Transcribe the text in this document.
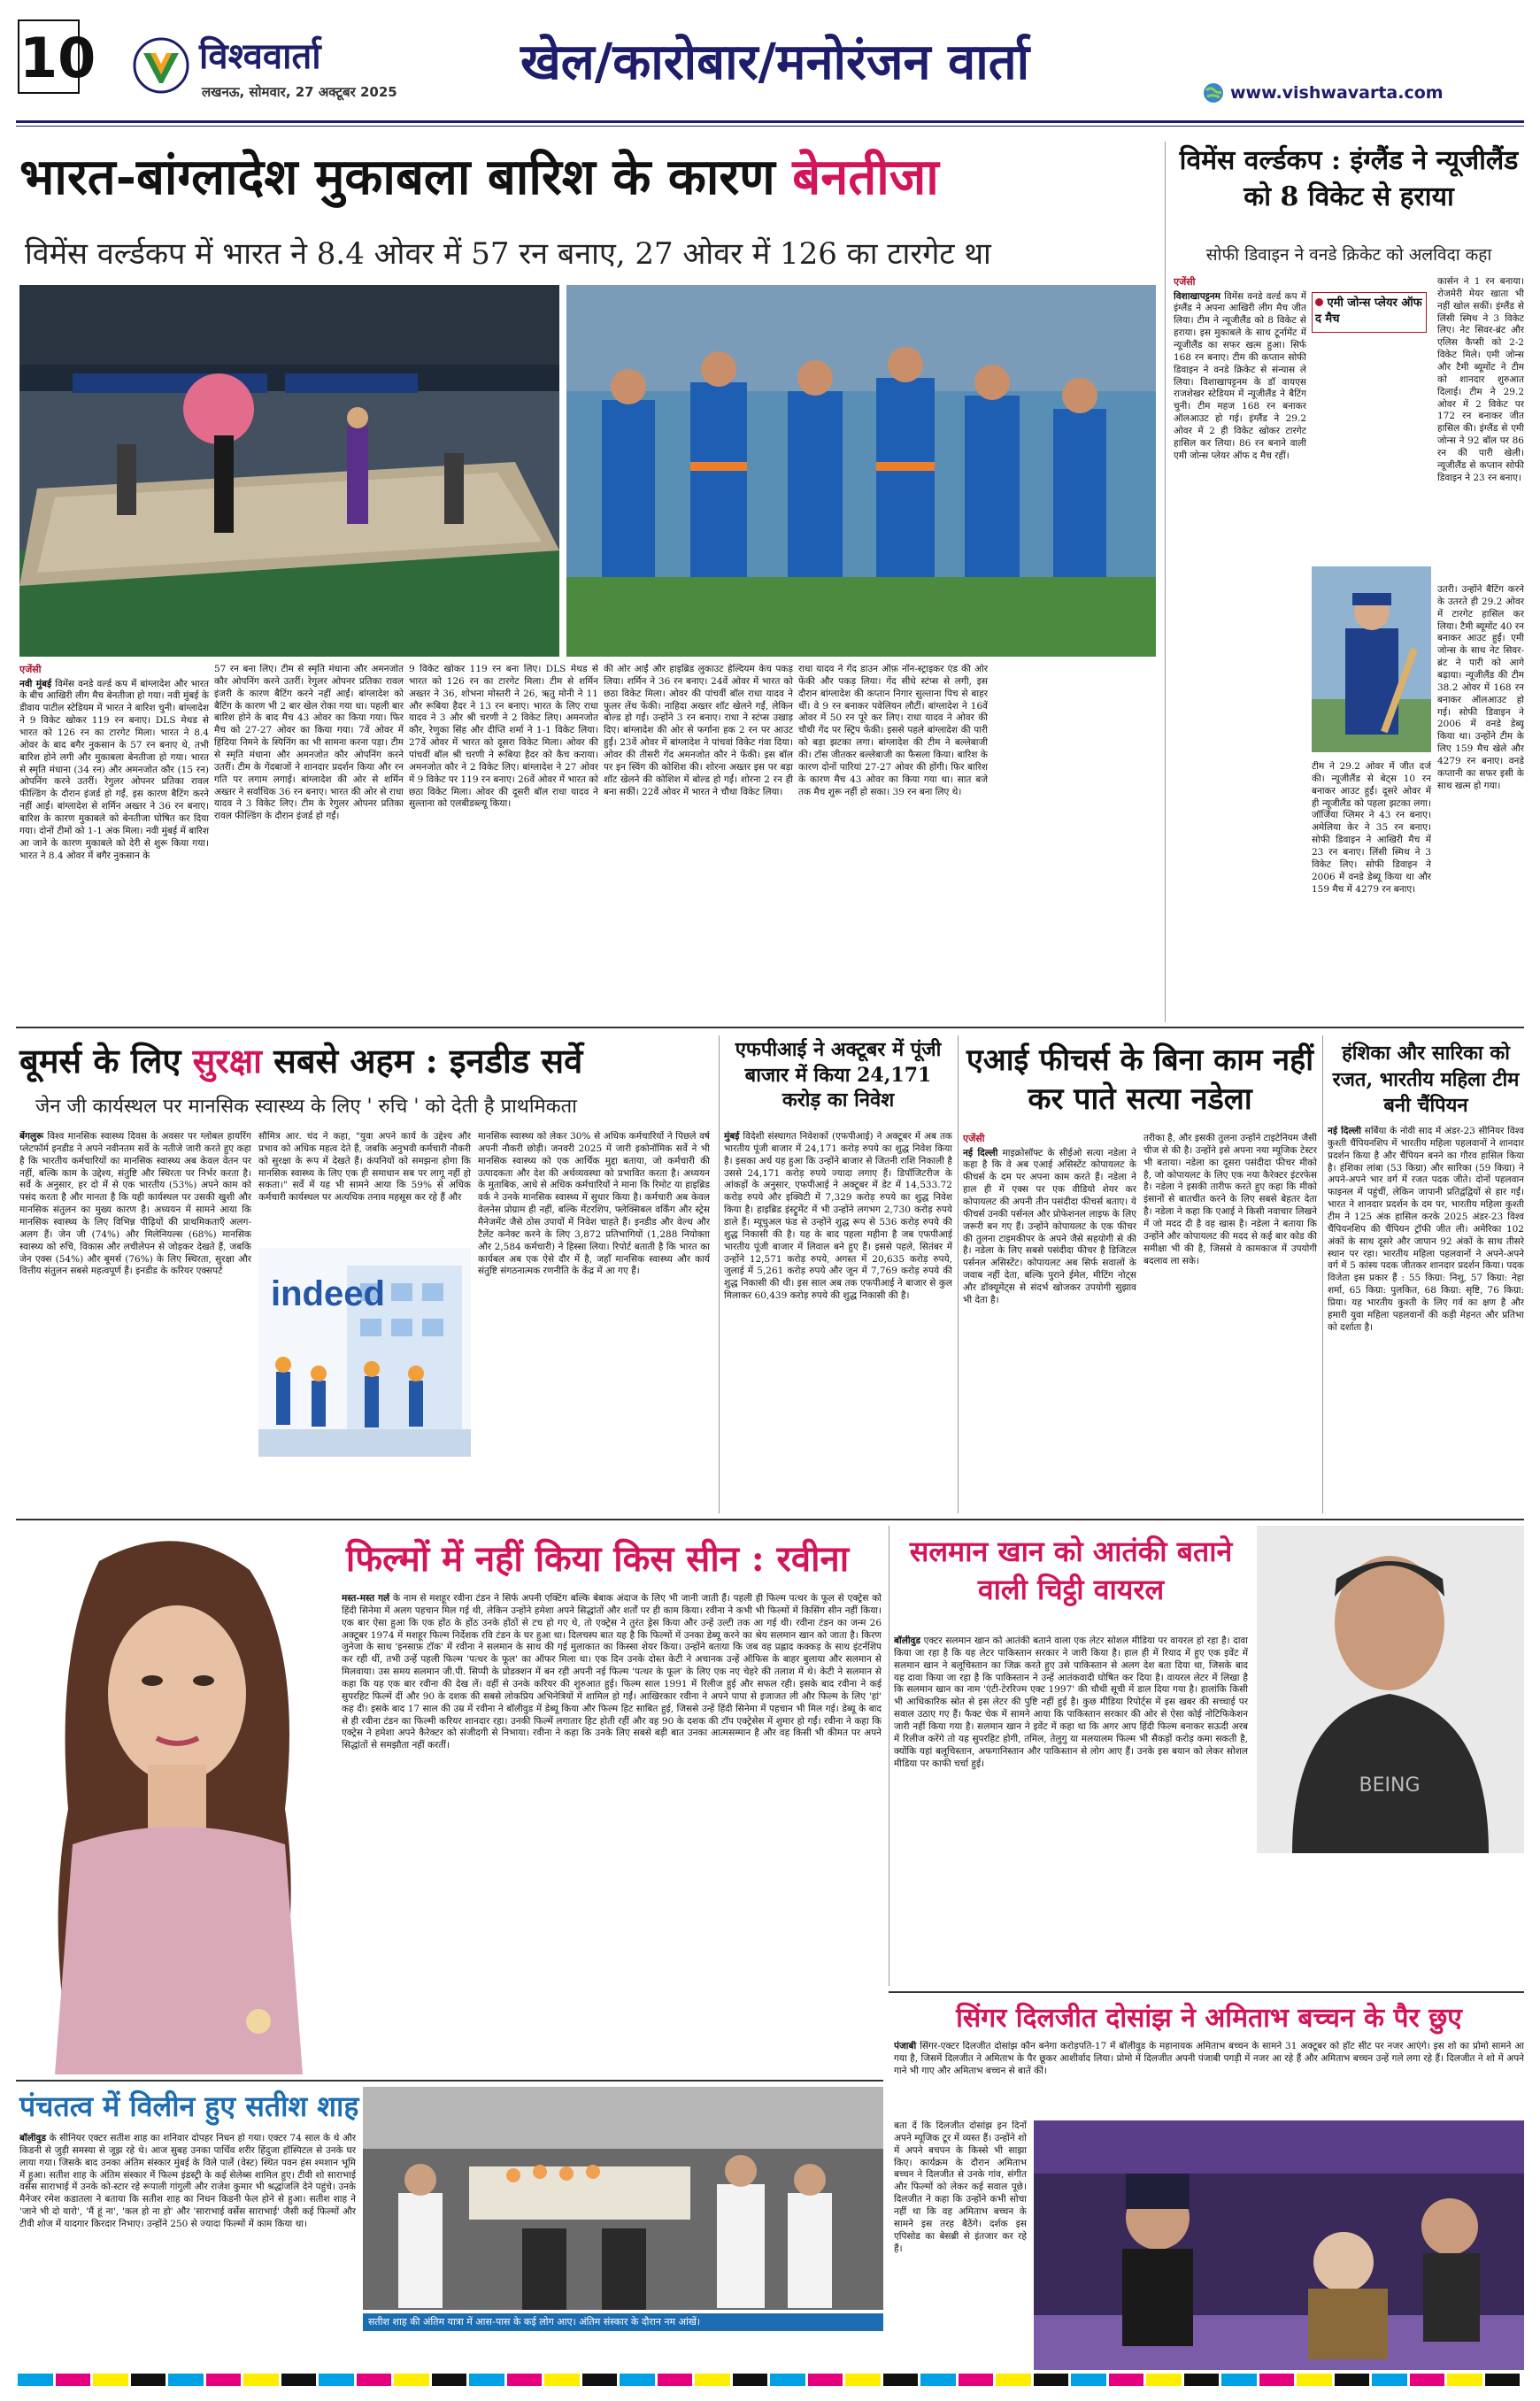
10	विश्ववार्ता
लखनऊ, सोमवार, 27 अक्टूबर 2025
खेल/कारोबार/मनोरंजन वार्ता
www.vishwavarta.com
भारत-बांग्लादेश मुकाबला बारिश के कारण बेनतीजा
विमेंस वर्ल्डकप में भारत ने 8.4 ओवर में 57 रन बनाए, 27 ओवर में 126 का टारगेट था
एजेंसी
नवी मुंबई विमेंस वनडे वर्ल्ड कप में बांग्लादेश और भारत के बीच आखिरी लीग मैच बेनतीजा हो गया। नवी मुंबई के डीवाय पाटील स्टेडियम में भारत ने बारिश चुनी। बांग्लादेश ने 9 विकेट खोकर 119 रन बनाए। DLS मेथड से भारत को 126 रन का टारगेट मिला। भारत ने 8.4 ओवर के बाद बगैर नुकसान के 57 रन बनाए थे, तभी बारिश होने लगी और मुकाबला बेनतीजा हो गया। भारत से स्मृति मंधाना (34 रन) और अमनजोत कौर (15 रन) ओपनिंग करने उतरीं। रेगुलर ओपनर प्रतिका रावल फील्डिंग के दौरान इंजर्ड हो गईं, इस कारण बैटिंग करने नहीं आईं। बांग्लादेश से शर्मिन अख्तर ने 36 रन बनाए। बारिश के कारण मुकाबले को बेनतीजा घोषित कर दिया गया। दोनों टीमों को 1-1 अंक मिला। नवी मुंबई में बारिश आ जाने के कारण मुकाबले को देरी से शुरू किया गया। भारत ने 8.4 ओवर में बगैर नुकसान के
57 रन बना लिए। टीम से स्मृति मंधाना और अमनजोत कौर ओपनिंग करने उतरीं। रेगुलर ओपनर प्रतिका रावल इंजरी के कारण बैटिंग करने नहीं आईं। बांग्लादेश को बैटिंग के कारण भी 2 बार खेल रोका गया था। पहली बार बारिश होने के बाद मैच 43 ओवर का किया गया। फिर मैच को 27-27 ओवर का किया गया। 7वें ओवर में हिंदिया निमने के स्पिनिंग का भी सामना करना पड़ा। टीम से स्मृति मंधाना और अमनजोत कौर ओपनिंग करने उतरीं। टीम के गेंदबाजों ने शानदार प्रदर्शन किया और रन गति पर लगाम लगाई। बांग्लादेश की ओर से शर्मिन अख्तर ने सर्वाधिक 36 रन बनाए। भारत की ओर से राधा यादव ने 3 विकेट लिए। टीम के रेगुलर ओपनर प्रतिका रावल फील्डिंग के दौरान इंजर्ड हो गईं।
9 विकेट खोकर 119 रन बना लिए। DLS मेथड से भारत को 126 रन का टारगेट मिला। टीम से शर्मिन अख्तर ने 36, शोभना मोस्तरी ने 26, ऋतु मोनी ने 11 और रूबिया हैदर ने 13 रन बनाए। भारत के लिए राधा यादव ने 3 और श्री चरणी ने 2 विकेट लिए। अमनजोत कौर, रेणुका सिंह और दीप्ति शर्मा ने 1-1 विकेट लिया। 27वें ओवर में भारत को दूसरा विकेट मिला। ओवर की पांचवीं बॉल श्री चरणी ने रूबिया हैदर को कैच कराया। अमनजोत कौर ने 2 विकेट लिए। बांग्लादेश ने 27 ओवर में 9 विकेट पर 119 रन बनाए। 26वें ओवर में भारत को छठा विकेट मिला। ओवर की दूसरी बॉल राधा यादव ने सुल्ताना को एलबीडब्ल्यू किया।
की ओर आईं और हाइब्रिड लुकाउट हेल्दियम केच पकड़ लिया। शर्मिन ने 36 रन बनाए। 24वें ओवर में भारत को छठा विकेट मिला। ओवर की पांचवीं बॉल राधा यादव ने फुलर लेंथ फेंकी। नाहिदा अख्तर शॉट खेलने गईं, लेकिन बोल्ड हो गईं। उन्होंने 3 रन बनाए। राधा ने स्टंप्स उखाड़ दिए। बांग्लादेश की ओर से फर्गाना हक 2 रन पर आउट हुईं। 23वें ओवर में बांग्लादेश ने पांचवां विकेट गंवा दिया। ओवर की तीसरी गेंद अमनजोत कौर ने फेंकी। इस बॉल पर इन स्विंग की कोशिश की। शोरना अख्तर इस पर बड़ा शॉट खेलने की कोशिश में बोल्ड हो गईं। शोरना 2 रन ही बना सकीं। 22वें ओवर में भारत ने चौथा विकेट लिया।
राधा यादव ने गेंद डाउन ऑफ़ नॉन-स्ट्राइकर एंड की ओर फेंकी और पकड़ लिया। गेंद सीधे स्टंप्स से लगी, इस दौरान बांग्लादेश की कप्तान निगार सुल्ताना पिच से बाहर थीं। वे 9 रन बनाकर पवेलियन लौटीं। बांग्लादेश ने 16वें ओवर में 50 रन पूरे कर लिए। राधा यादव ने ओवर की चौथी गेंद पर स्ट्रिप फेंकी। इससे पहले बांग्लादेश की पारी को बड़ा झटका लगा। बांग्लादेश की टीम ने बल्लेबाजी की। टॉस जीतकर बल्लेबाजी का फैसला किया। बारिश के कारण दोनों पारियां 27-27 ओवर की होंगी। फिर बारिश के कारण मैच 43 ओवर का किया गया था। सात बजे तक मैच शुरू नहीं हो सका। 39 रन बना लिए थे।
विमेंस वर्ल्डकप : इंग्लैंड ने न्यूजीलैंड को 8 विकेट से हराया
सोफी डिवाइन ने वनडे क्रिकेट को अलविदा कहा
एजेंसी
विशाखापट्टनम विमेंस वनडे वर्ल्ड कप में इंग्लैंड ने अपना आखिरी लीग मैच जीत लिया। टीम ने न्यूजीलैंड को 8 विकेट से हराया। इस मुकाबले के साथ टूर्नामेंट में न्यूजीलैंड का सफर खत्म हुआ। सिर्फ 168 रन बनाए। टीम की कप्तान सोफी डिवाइन ने वनडे क्रिकेट से संन्यास ले लिया। विशाखापट्टनम के डॉ वायएस राजशेखर स्टेडियम में न्यूजीलैंड ने बैटिंग चुनी। टीम महज 168 रन बनाकर ऑलआउट हो गई। इंग्लैंड ने 29.2 ओवर में 2 ही विकेट खोकर टारगेट हासिल कर लिया। 86 रन बनाने वाली एमी जोन्स प्लेयर ऑफ द मैच रहीं।
एमी जोन्स प्लेयर ऑफ द मैच
कार्सन ने 1 रन बनाया। रोजमेरी मेयर खाता भी नहीं खोल सकीं। इंग्लैंड से लिंसी स्मिथ ने 3 विकेट लिए। नेट सिवर-ब्रंट और एलिस कैप्सी को 2-2 विकेट मिले। एमी जोन्स और टैमी ब्यूमोंट ने टीम को शानदार शुरुआत दिलाई। टीम ने 29.2 ओवर में 2 विकेट पर 172 रन बनाकर जीत हासिल की। इंग्लैंड से एमी जोन्स ने 92 बॉल पर 86 रन की पारी खेली। न्यूजीलैंड से कप्तान सोफी डिवाइन ने 23 रन बनाए।
उतरी। उन्होंने बैटिंग करने के उतरते ही 29.2 ओवर में टारगेट हासिल कर लिया। टैमी ब्यूमोंट 40 रन बनाकर आउट हुईं। एमी जोन्स के साथ नेट सिवर-ब्रंट ने पारी को आगे बढ़ाया। न्यूजीलैंड की टीम 38.2 ओवर में 168 रन बनाकर ऑलआउट हो गई। सोफी डिवाइन ने 2006 में वनडे डेब्यू किया था। उन्होंने टीम के लिए 159 मैच खेले और 4279 रन बनाए। वनडे कप्तानी का सफर इसी के साथ खत्म हो गया।
टीम ने 29.2 ओवर में जीत दर्ज की। न्यूजीलैंड से बेट्स 10 रन बनाकर आउट हुईं। दूसरे ओवर में ही न्यूजीलैंड को पहला झटका लगा। जॉर्जिया प्लिमर ने 43 रन बनाए। अमेलिया केर ने 35 रन बनाए। सोफी डिवाइन ने आखिरी मैच में 23 रन बनाए। लिंसी स्मिथ ने 3 विकेट लिए। सोफी डिवाइन ने 2006 में वनडे डेब्यू किया था और 159 मैच में 4279 रन बनाए।
बूमर्स के लिए सुरक्षा सबसे अहम : इनडीड सर्वे
जेन जी कार्यस्थल पर मानसिक स्वास्थ्य के लिए ' रुचि ' को देती है प्राथमिकता
बेंगलुरू विश्व मानसिक स्वास्थ्य दिवस के अवसर पर ग्लोबल हायरिंग प्लेटफॉर्म इनडीड ने अपने नवीनतम सर्वे के नतीजे जारी करते हुए कहा है कि भारतीय कर्मचारियों का मानसिक स्वास्थ्य अब केवल वेतन पर नहीं, बल्कि काम के उद्देश्य, संतुष्टि और स्थिरता पर निर्भर करता है। सर्वे के अनुसार, हर दो में से एक भारतीय (53%) अपने काम को पसंद करता है और मानता है कि यही कार्यस्थल पर उसकी खुशी और मानसिक संतुलन का मुख्य कारण है। अध्ययन में सामने आया कि मानसिक स्वास्थ्य के लिए विभिन्न पीढ़ियों की प्राथमिकताएँ अलग-अलग हैं। जेन जी (74%) और मिलेनियल्स (68%) मानसिक स्वास्थ्य को रुचि, विकास और लचीलेपन से जोड़कर देखते हैं, जबकि जेन एक्स (54%) और बूमर्स (76%) के लिए स्थिरता, सुरक्षा और वित्तीय संतुलन सबसे महत्वपूर्ण हैं। इनडीड के करियर एक्सपर्ट
सौमित्र आर. चंद ने कहा, "युवा अपने कार्य के उद्देश्य और प्रभाव को अधिक महत्व देते हैं, जबकि अनुभवी कर्मचारी नौकरी को सुरक्षा के रूप में देखते हैं। कंपनियों को समझना होगा कि मानसिक स्वास्थ्य के लिए एक ही समाधान सब पर लागू नहीं हो सकता।" सर्वे में यह भी सामने आया कि 59% से अधिक कर्मचारी कार्यस्थल पर अत्यधिक तनाव महसूस कर रहे हैं और
indeed
मानसिक स्वास्थ्य को लेकर 30% से अधिक कर्मचारियों ने पिछले वर्ष अपनी नौकरी छोड़ी। जनवरी 2025 में जारी इकोनॉमिक सर्वे ने भी मानसिक स्वास्थ्य को एक आर्थिक मुद्दा बताया, जो कर्मचारी की उत्पादकता और देश की अर्थव्यवस्था को प्रभावित करता है। अध्ययन के मुताबिक, आधे से अधिक कर्मचारियों ने माना कि रिमोट या हाइब्रिड वर्क ने उनके मानसिक स्वास्थ्य में सुधार किया है। कर्मचारी अब केवल वेलनेस प्रोग्राम ही नहीं, बल्कि मेंटरशिप, फ्लेक्सिबल वर्किंग और स्ट्रेस मैनेजमेंट जैसे ठोस उपायों में निवेश चाहते हैं। इनडीड और वेल्थ और टैलेंट कनेक्ट करने के लिए 3,872 प्रतिभागियों (1,288 नियोक्ता और 2,584 कर्मचारी) ने हिस्सा लिया। रिपोर्ट बताती है कि भारत का कार्यबल अब एक ऐसे दौर में है, जहाँ मानसिक स्वास्थ्य और कार्य संतुष्टि संगठनात्मक रणनीति के केंद्र में आ गए हैं।
एफपीआई ने अक्टूबर में पूंजी बाजार में किया 24,171 करोड़ का निवेश
मुंबई विदेशी संस्थागत निवेशकों (एफपीआई) ने अक्टूबर में अब तक भारतीय पूंजी बाजार में 24,171 करोड़ रुपये का शुद्ध निवेश किया है। इसका अर्थ यह हुआ कि उन्होंने बाजार से जितनी राशि निकाली है उससे 24,171 करोड़ रुपये ज्यादा लगाए हैं। डिपॉजिटरीज के आंकड़ों के अनुसार, एफपीआई ने अक्टूबर में डेट में 14,533.72 करोड़ रुपये और इक्विटी में 7,329 करोड़ रुपये का शुद्ध निवेश किया है। हाइब्रिड इंस्ट्रूमेंट में भी उन्होंने लगभग 2,730 करोड़ रुपये डाले हैं। म्यूचुअल फंड से उन्होंने शुद्ध रूप से 536 करोड़ रुपये की शुद्ध निकासी की है। यह के बाद पहला महीना है जब एफपीआई भारतीय पूंजी बाजार में लिवाल बने हुए हैं। इससे पहले, सितंबर में उन्होंने 12,571 करोड़ रुपये, अगस्त में 20,635 करोड़ रुपये, जुलाई में 5,261 करोड़ रुपये और जून में 7,769 करोड़ रुपये की शुद्ध निकासी की थी। इस साल अब तक एफपीआई ने बाजार से कुल मिलाकर 60,439 करोड़ रुपये की शुद्ध निकासी की है।
एआई फीचर्स के बिना काम नहीं कर पाते सत्या नडेला
एजेंसी
नई दिल्ली माइक्रोसॉफ्ट के सीईओ सत्या नडेला ने कहा है कि वे अब एआई असिस्टेंट कोपायलट के फीचर्स के दम पर अपना काम करते हैं। नडेला ने हाल ही में एक्स पर एक वीडियो शेयर कर कोपायलट की अपनी तीन पसंदीदा फीचर्स बताए। ये फीचर्स उनकी पर्सनल और प्रोफेशनल लाइफ के लिए जरूरी बन गए हैं। उन्होंने कोपायलट के एक फीचर की तुलना टाइमकीपर के अपने जैसे सहयोगी से की है। नडेला के लिए सबसे पसंदीदा फीचर है डिजिटल पर्सनल असिस्टेंट। कोपायलट अब सिर्फ सवालों के जवाब नहीं देता, बल्कि पुराने ईमेल, मीटिंग नोट्स और डॉक्यूमेंट्स से संदर्भ खोजकर उपयोगी सुझाव भी देता है।
तरीका है, और इसकी तुलना उन्होंने टाइटेनियम जैसी चीज से की है। उन्होंने इसे अपना नया म्यूजिक टेस्टर भी बताया। नडेला का दूसरा पसंदीदा फीचर मीको है, जो कोपायलट के लिए एक नया कैरेक्टर इंटरफेस है। नडेला ने इसकी तारीफ करते हुए कहा कि मीको इंसानों से बातचीत करने के लिए सबसे बेहतर देता है। नडेला ने कहा कि एआई ने किसी नवाचार लिखने में जो मदद दी है वह खास है। नडेला ने बताया कि उन्होंने और कोपायलट की मदद से कई बार कोड की समीक्षा भी की है, जिससे वे कामकाज में उपयोगी बदलाव ला सके।
हंशिका और सारिका को रजत, भारतीय महिला टीम बनी चैंपियन
नई दिल्ली सर्बिया के नोवी साद में अंडर-23 सीनियर विश्व कुश्ती चैंपियनशिप में भारतीय महिला पहलवानों ने शानदार प्रदर्शन किया है और चैंपियन बनने का गौरव हासिल किया है। हंशिका लांबा (53 किग्रा) और सारिका (59 किग्रा) ने अपने-अपने भार वर्ग में रजत पदक जीते। दोनों पहलवान फाइनल में पहुंचीं, लेकिन जापानी प्रतिद्वंद्वियों से हार गईं। भारत ने शानदार प्रदर्शन के दम पर, भारतीय महिला कुश्ती टीम ने 125 अंक हासिल करके 2025 अंडर-23 विश्व चैंपियनशिप की चैंपियन ट्रॉफी जीत ली। अमेरिका 102 अंकों के साथ दूसरे और जापान 92 अंकों के साथ तीसरे स्थान पर रहा। भारतीय महिला पहलवानों ने अपने-अपने वर्ग में 5 कांस्य पदक जीतकर शानदार प्रदर्शन किया। पदक विजेता इस प्रकार हैं : 55 किग्रा: निशु, 57 किग्रा: नेहा शर्मा, 65 किग्रा: पुलकित, 68 किग्रा: सृष्टि, 76 किग्रा: प्रिया। यह भारतीय कुश्ती के लिए गर्व का क्षण है और हमारी युवा महिला पहलवानों की कड़ी मेहनत और प्रतिभा को दर्शाता है।
फिल्मों में नहीं किया किस सीन : रवीना
मस्त-मस्त गर्ल के नाम से मशहूर रवीना टंडन ने सिर्फ अपनी एक्टिंग बल्कि बेबाक अंदाज के लिए भी जानी जाती हैं। पहली ही फिल्म पत्थर के फूल से एक्ट्रेस को हिंदी सिनेमा में अलग पहचान मिल गई थी, लेकिन उन्होंने हमेशा अपने सिद्धांतों और शर्तों पर ही काम किया। रवीना ने कभी भी फिल्मों में किसिंग सीन नहीं किया। एक बार ऐसा हुआ कि एक होंठ के होंठ उनके होंठों से टच हो गए थे, तो एक्ट्रेस ने तुरंत ड्रेस किया और उन्हें उल्टी तक आ गई थी। रवीना टंडन का जन्म 26 अक्टूबर 1974 में मशहूर फिल्म निर्देशक रवि टंडन के घर हुआ था। दिलचस्प बात यह है कि फिल्मों में उनका डेब्यू करने का श्रेय सलमान खान को जाता है। किरण जुनेजा के साथ 'इनसाफ़ टॉक' में रवीना ने सलमान के साथ की गई मुलाकात का किस्सा शेयर किया। उन्होंने बताया कि जब वह प्रह्लाद कक्कड़ के साथ इंटर्नशिप कर रही थीं, तभी उन्हें पहली फिल्म 'पत्थर के फूल' का ऑफर मिला था। एक दिन उनके दोस्त केटी ने अचानक उन्हें ऑफिस के बाहर बुलाया और सलमान से मिलवाया। उस समय सलमान जी.पी. सिप्पी के प्रोडक्शन में बन रही अपनी नई फिल्म 'पत्थर के फूल' के लिए एक नए चेहरे की तलाश में थे। केटी ने सलमान से कहा कि यह एक बार रवीना की देख लें। वहीं से उनके करियर की शुरुआत हुई। फिल्म साल 1991 में रिलीज हुई और सफल रही। इसके बाद रवीना ने कई सुपरहिट फिल्में दीं और 90 के दशक की सबसे लोकप्रिय अभिनेत्रियों में शामिल हो गईं। आखिरकार रवीना ने अपने पापा से इजाजत ली और फिल्म के लिए 'हां' कह दी। इसके बाद 17 साल की उम्र में रवीना ने बॉलीवुड में डेब्यू किया और फिल्म हिट साबित हुई, जिससे उन्हें हिंदी सिनेमा में पहचान भी मिल गई। डेब्यू के बाद से ही रवीना टंडन का फिल्मी करियर शानदार रहा। उनकी फिल्में लगातार हिट होती रहीं और वह 90 के दशक की टॉप एक्ट्रेसेस में शुमार हो गईं। रवीना ने कहा कि एक्ट्रेस ने हमेशा अपने कैरेक्टर को संजीदगी से निभाया। रवीना ने कहा कि उनके लिए सबसे बड़ी बात उनका आत्मसम्मान है और वह किसी भी कीमत पर अपने सिद्धांतों से समझौता नहीं करतीं।
सलमान खान को आतंकी बताने वाली चिट्ठी वायरल
BEING
बॉलीवुड एक्टर सलमान खान को आतंकी बताने वाला एक लेटर सोशल मीडिया पर वायरल हो रहा है। दावा किया जा रहा है कि यह लेटर पाकिस्तान सरकार ने जारी किया है। हाल ही में रियाद में हुए एक इवेंट में सलमान खान ने बलूचिस्तान का जिक्र करते हुए उसे पाकिस्तान से अलग देश बता दिया था, जिसके बाद यह दावा किया जा रहा है कि पाकिस्तान ने उन्हें आतंकवादी घोषित कर दिया है। वायरल लेटर में लिखा है कि सलमान खान का नाम 'एंटी-टेररिज्म एक्ट 1997' की चौथी सूची में डाल दिया गया है। हालांकि किसी भी आधिकारिक स्रोत से इस लेटर की पुष्टि नहीं हुई है। कुछ मीडिया रिपोर्ट्स में इस खबर की सच्चाई पर सवाल उठाए गए हैं। फैक्ट चेक में सामने आया कि पाकिस्तान सरकार की ओर से ऐसा कोई नोटिफिकेशन जारी नहीं किया गया है। सलमान खान ने इवेंट में कहा था कि अगर आप हिंदी फिल्म बनाकर सऊदी अरब में रिलीज करेंगे तो यह सुपरहिट होगी, तमिल, तेलुगु या मलयालम फिल्म भी सैकड़ों करोड़ कमा सकती है, क्योंकि यहां बलूचिस्तान, अफगानिस्तान और पाकिस्तान से लोग आए हैं। उनके इस बयान को लेकर सोशल मीडिया पर काफी चर्चा हुई।
सिंगर दिलजीत दोसांझ ने अमिताभ बच्चन के पैर छुए
पंजाबी सिंगर-एक्टर दिलजीत दोसांझ कौन बनेगा करोड़पति-17 में बॉलीवुड के महानायक अमिताभ बच्चन के सामने 31 अक्टूबर को हॉट सीट पर नजर आएंगे। इस शो का प्रोमो सामने आ गया है, जिसमें दिलजीत ने अमिताभ के पैर छूकर आशीर्वाद लिया। प्रोमो में दिलजीत अपनी पंजाबी पगड़ी में नजर आ रहे हैं और अमिताभ बच्चन उन्हें गले लगा रहे हैं। दिलजीत ने शो में अपने गाने भी गाए और अमिताभ बच्चन से बातें कीं।
बता दें कि दिलजीत दोसांझ इन दिनों अपने म्यूजिक टूर में व्यस्त हैं। उन्होंने शो में अपने बचपन के किस्से भी साझा किए। कार्यक्रम के दौरान अमिताभ बच्चन ने दिलजीत से उनके गांव, संगीत और फिल्मों को लेकर कई सवाल पूछे। दिलजीत ने कहा कि उन्होंने कभी सोचा नहीं था कि वह अमिताभ बच्चन के सामने इस तरह बैठेंगे। दर्शक इस एपिसोड का बेसब्री से इंतजार कर रहे हैं।
पंचतत्व में विलीन हुए सतीश शाह
बॉलीवुड के सीनियर एक्टर सतीश शाह का शनिवार दोपहर निधन हो गया। एक्टर 74 साल के थे और किडनी से जुड़ी समस्या से जूझ रहे थे। आज सुबह उनका पार्थिव शरीर हिंदुजा हॉस्पिटल से उनके घर लाया गया। जिसके बाद उनका अंतिम संस्कार मुंबई के विले पार्ले (वेस्ट) स्थित पवन हंस श्मशान भूमि में हुआ। सतीश शाह के अंतिम संस्कार में फिल्म इंडस्ट्री के कई सेलेब्स शामिल हुए। टीवी शो साराभाई वर्सेस साराभाई में उनके को-स्टार रहे रूपाली गांगुली और राजेश कुमार भी श्रद्धांजलि देने पहुंचे। उनके मैनेजर रमेश कडातला ने बताया कि सतीश शाह का निधन किडनी फेल होने से हुआ। सतीश शाह ने 'जाने भी दो यारो', 'मैं हूं ना', 'कल हो ना हो' और 'साराभाई वर्सेस साराभाई' जैसी कई फिल्मों और टीवी शोज में यादगार किरदार निभाए। उन्होंने 250 से ज्यादा फिल्मों में काम किया था।
सतीश शाह की अंतिम यात्रा में आस-पास के कई लोग आए। अंतिम संस्कार के दौरान नम आंखें।
